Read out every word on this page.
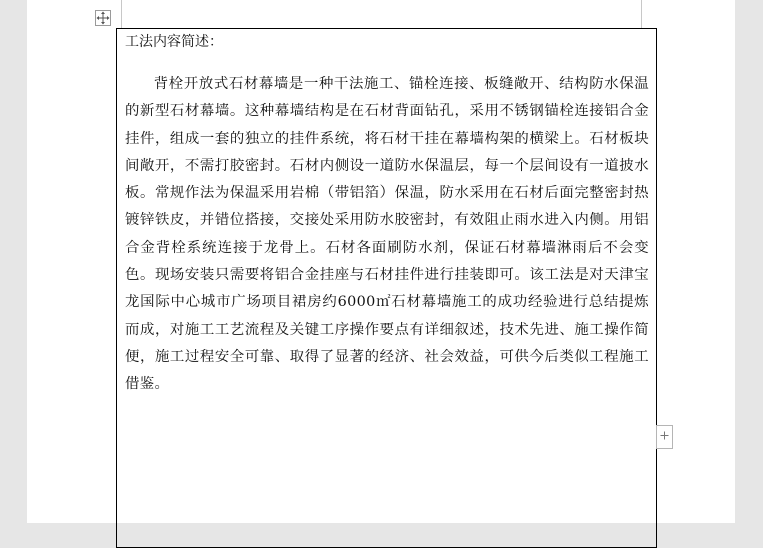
工法内容简述：

背栓开放式石材幕墙是一种干法施工、锚栓连接、板缝敞开、结构防水保温的新型石材幕墙。这种幕墙结构是在石材背面钻孔，采用不锈钢锚栓连接铝合金挂件，组成一套的独立的挂件系统，将石材干挂在幕墙构架的横梁上。石材板块间敞开，不需打胶密封。石材内侧设一道防水保温层，每一个层间设有一道披水板。常规作法为保温采用岩棉（带铝箔）保温，防水采用在石材后面完整密封热镀锌铁皮，并错位搭接，交接处采用防水胶密封，有效阻止雨水进入内侧。用铝合金背栓系统连接于龙骨上。石材各面刷防水剂，保证石材幕墙淋雨后不会变色。现场安装只需要将铝合金挂座与石材挂件进行挂装即可。该工法是对天津宝龙国际中心城市广场项目裙房约6000㎡石材幕墙施工的成功经验进行总结提炼而成，对施工工艺流程及关键工序操作要点有详细叙述，技术先进、施工操作简便，施工过程安全可靠、取得了显著的经济、社会效益，可供今后类似工程施工借鉴。
